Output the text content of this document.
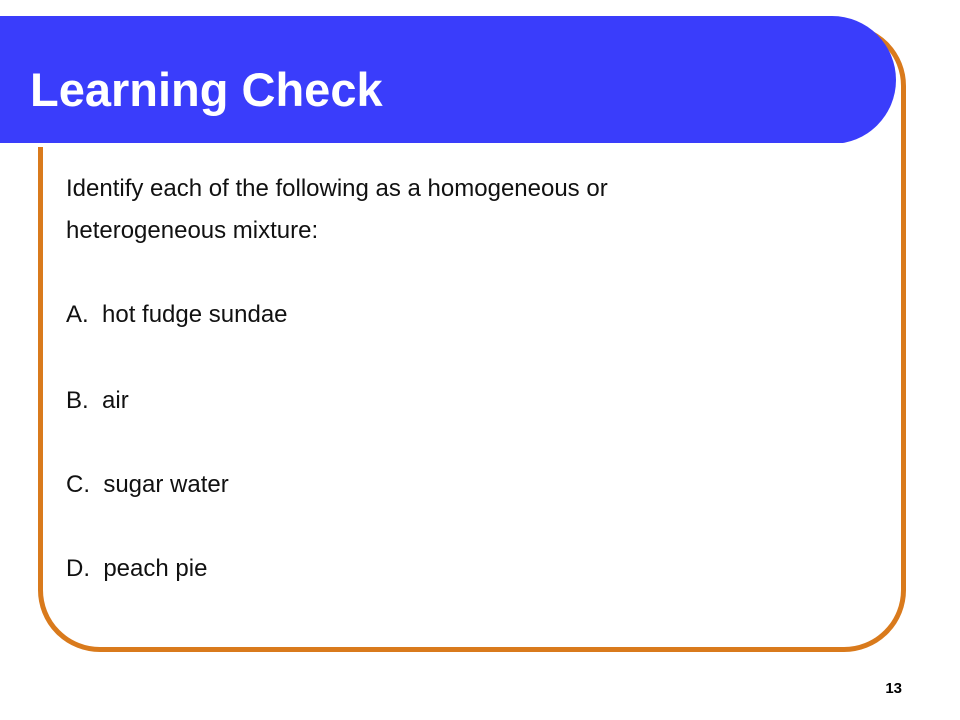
Learning Check

Identify each of the following as a homogeneous or
heterogeneous mixture:

A.  hot fudge sundae

B.  air

C.  sugar water

D.  peach pie

13
